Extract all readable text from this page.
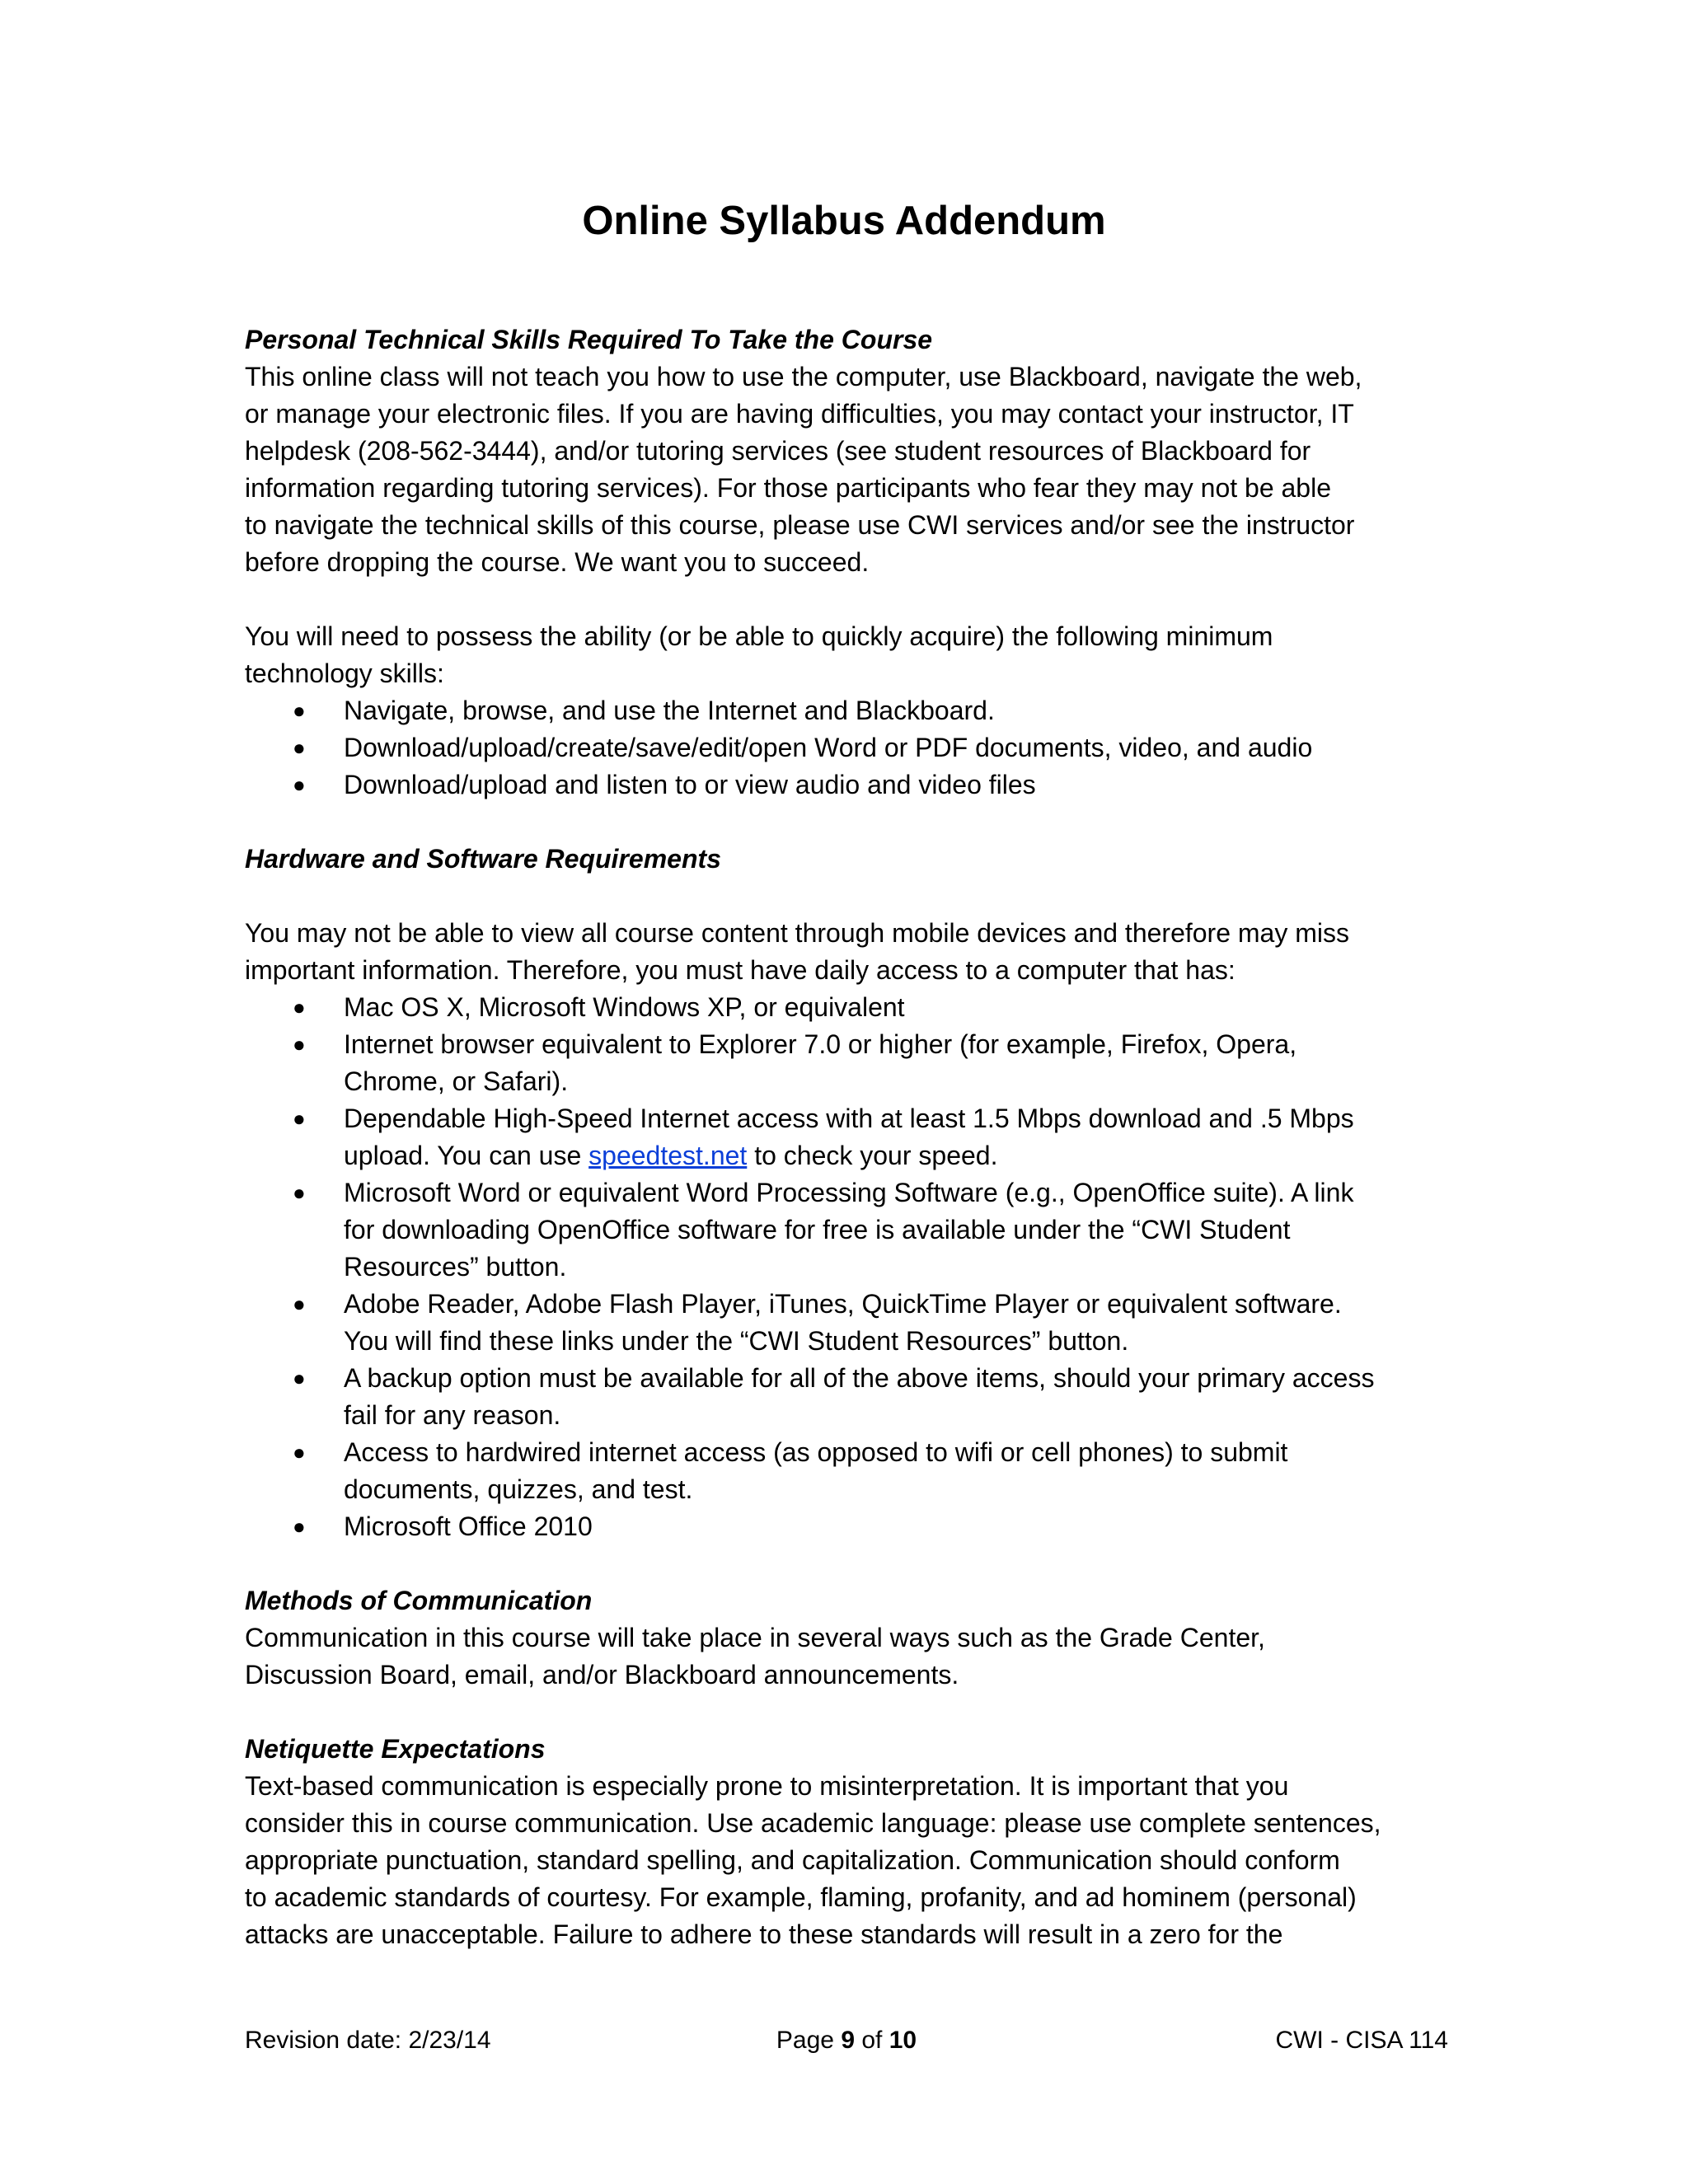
Online Syllabus Addendum

Personal Technical Skills Required To Take the Course

This online class will not teach you how to use the computer, use Blackboard, navigate the web,

or manage your electronic files. If you are having difficulties, you may contact your instructor, IT

helpdesk (208-562-3444), and/or tutoring services (see student resources of Blackboard for

information regarding tutoring services). For those participants who fear they may not be able

to navigate the technical skills of this course, please use CWI services and/or see the instructor

before dropping the course. We want you to succeed.

You will need to possess the ability (or be able to quickly acquire) the following minimum

technology skills:

● Navigate, browse, and use the Internet and Blackboard.
● Download/upload/create/save/edit/open Word or PDF documents, video, and audio
● Download/upload and listen to or view audio and video files

Hardware and Software Requirements

You may not be able to view all course content through mobile devices and therefore may miss

important information. Therefore, you must have daily access to a computer that has:

● Mac OS X, Microsoft Windows XP, or equivalent
● Internet browser equivalent to Explorer 7.0 or higher (for example, Firefox, Opera,
Chrome, or Safari).
● Dependable High-Speed Internet access with at least 1.5 Mbps download and .5 Mbps
upload. You can use speedtest.net to check your speed.
● Microsoft Word or equivalent Word Processing Software (e.g., OpenOffice suite). A link
for downloading OpenOffice software for free is available under the “CWI Student
Resources” button.
● Adobe Reader, Adobe Flash Player, iTunes, QuickTime Player or equivalent software.
You will find these links under the “CWI Student Resources” button.
● A backup option must be available for all of the above items, should your primary access
fail for any reason.
● Access to hardwired internet access (as opposed to wifi or cell phones) to submit
documents, quizzes, and test.
● Microsoft Office 2010

Methods of Communication

Communication in this course will take place in several ways such as the Grade Center,

Discussion Board, email, and/or Blackboard announcements.

Netiquette Expectations

Text-based communication is especially prone to misinterpretation. It is important that you

consider this in course communication. Use academic language: please use complete sentences,

appropriate punctuation, standard spelling, and capitalization. Communication should conform

to academic standards of courtesy. For example, flaming, profanity, and ad hominem (personal)

attacks are unacceptable. Failure to adhere to these standards will result in a zero for the

Revision date: 2/23/14	Page 9 of 10	CWI - CISA 114
